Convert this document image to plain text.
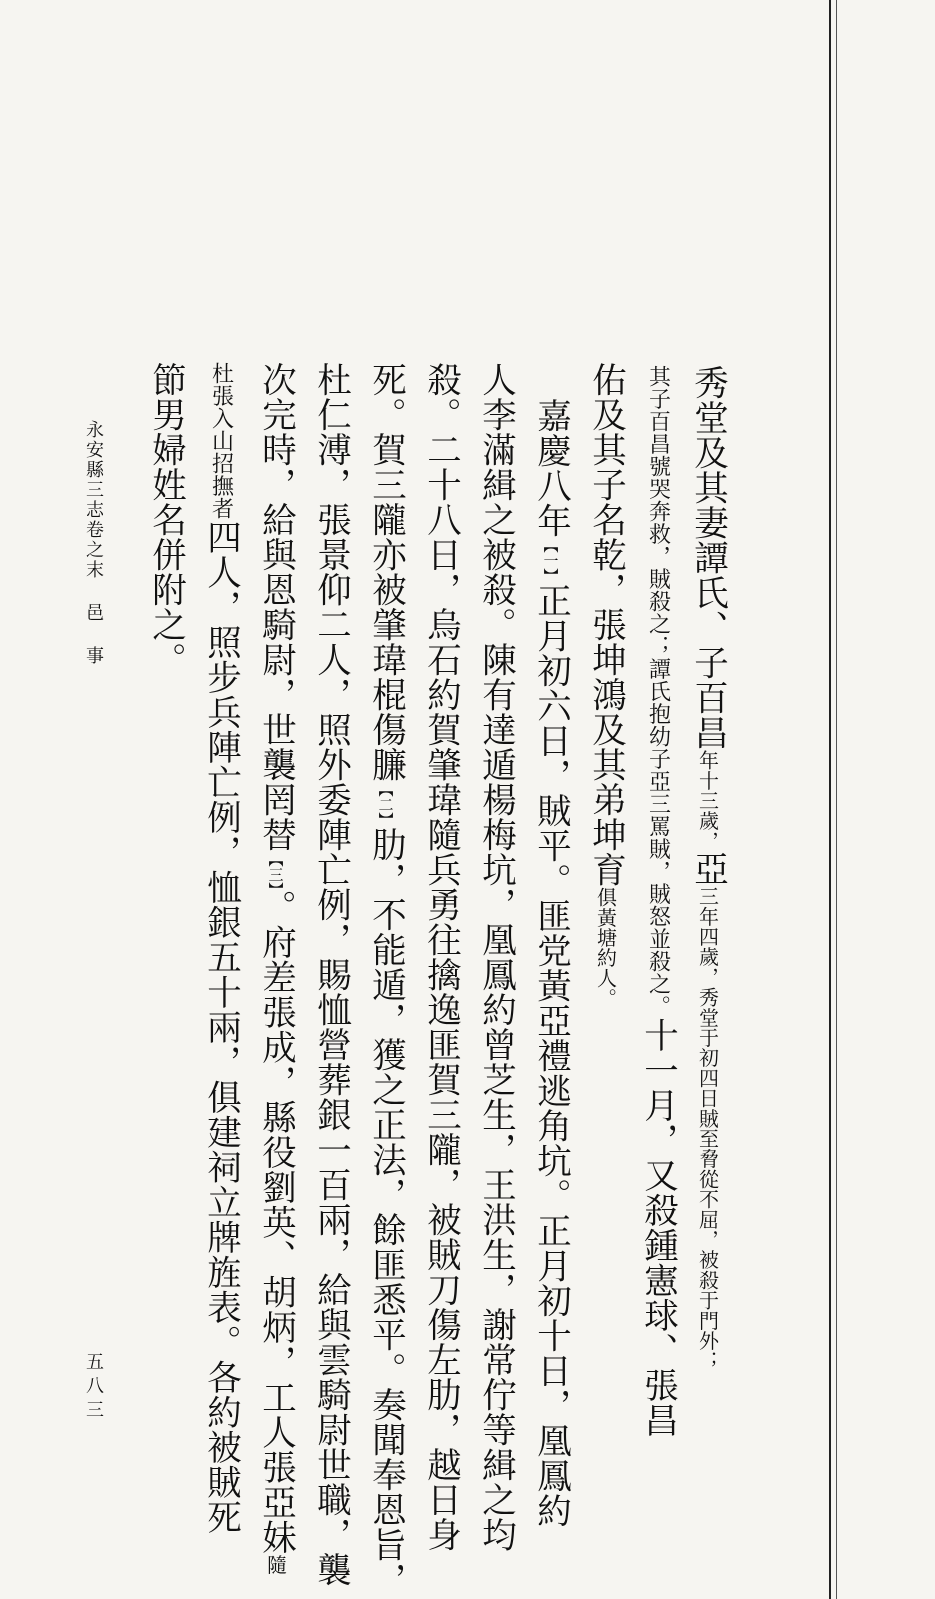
秀堂及其妻譚氏、子百昌年十三歲，亞三年四歲，秀堂于初四日賊至脅從不屈，被殺于門外；
其子百昌號哭奔救，賊殺之；譚氏抱幼子亞三罵賊，賊怒並殺之。十一月，又殺鍾憲球、張昌
佑及其子名乾，張坤鴻及其弟坤育俱黃塘約人。
嘉慶八年【一】正月初六日，賊平。匪党黃亞禮逃角坑。正月初十日，凰鳳約
人李滿緝之被殺。陳有達遁楊梅坑，凰鳳約曾芝生，王洪生，謝常佇等緝之均
殺。二十八日，烏石約賀肇瑋隨兵勇往擒逸匪賀三隴，被賊刀傷左肋，越日身
死。賀三隴亦被肇瑋棍傷臁【二】肋，不能遁，獲之正法，餘匪悉平。奏聞奉恩旨，
杜仁溥，張景仰二人，照外委陣亡例，賜恤營葬銀一百兩，給與雲騎尉世職，襲
次完時，給與恩騎尉，世襲罔替【三】。府差張成，縣役劉英、胡炳，工人張亞妹隨
杜張入山招撫者四人，照步兵陣亡例，恤銀五十兩，俱建祠立牌旌表。各約被賊死
節男婦姓名併附之。
永安縣三志卷之末 邑 事
五八三
